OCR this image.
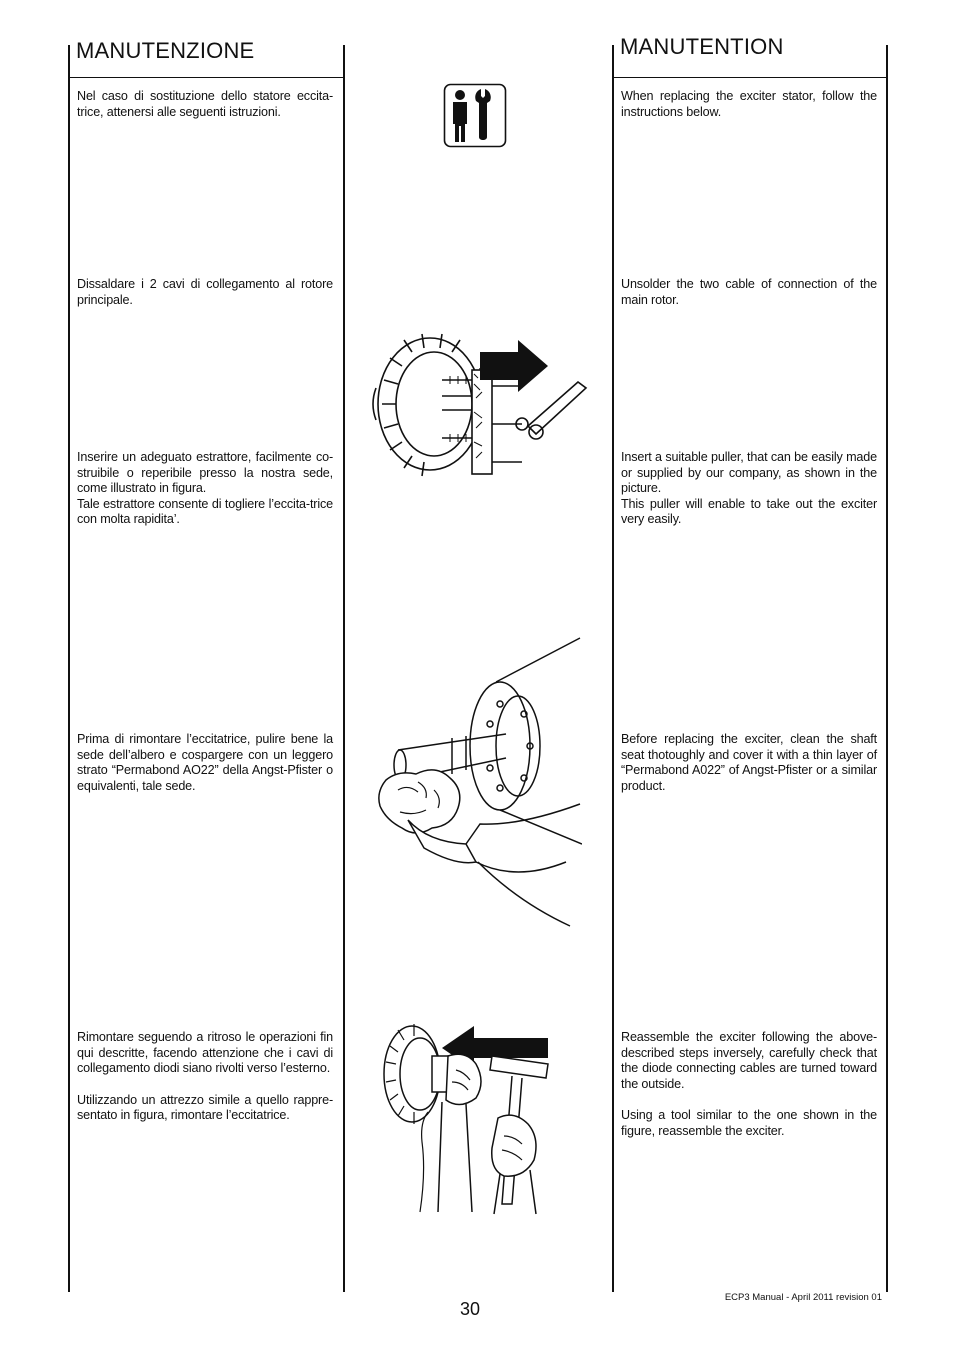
MANUTENZIONE	MANUTENTION

Nel caso di sostituzione dello statore eccita-trice, attenersi alle seguenti istruzioni.

When replacing the exciter stator, follow the instructions below.

Dissaldare i 2 cavi di collegamento al rotore principale.

Unsolder the two cable of connection of the main rotor.

Inserire un adeguato estrattore, facilmente co-struibile o reperibile presso la nostra sede, come illustrato in figura.

Tale estrattore consente di togliere l’eccita-trice con molta rapidita’.

Insert a suitable puller, that can be easily made or supplied by our company, as shown in the picture.

This puller will enable to take out the exciter very easily.

Prima di rimontare l’eccitatrice, pulire bene la sede dell’albero e cospargere con un leggero strato “Permabond AO22” della Angst-Pfister o equivalenti, tale sede.

Before replacing the exciter, clean the shaft seat thotoughly and cover it with a thin layer of “Permabond A022” of Angst-Pfister or a similar product.

Rimontare seguendo a ritroso le operazioni fin qui descritte, facendo attenzione che i cavi di collegamento diodi siano rivolti verso l’esterno.

Utilizzando un attrezzo simile a quello rappre-sentato in figura, rimontare l’eccitatrice.

Reassemble the exciter following the above-described steps inversely, carefully check that the diode connecting cables are turned toward the outside.

Using a tool similar to the one shown in the figure, reassemble the exciter.

30
ECP3 Manual - April 2011 revision 01
